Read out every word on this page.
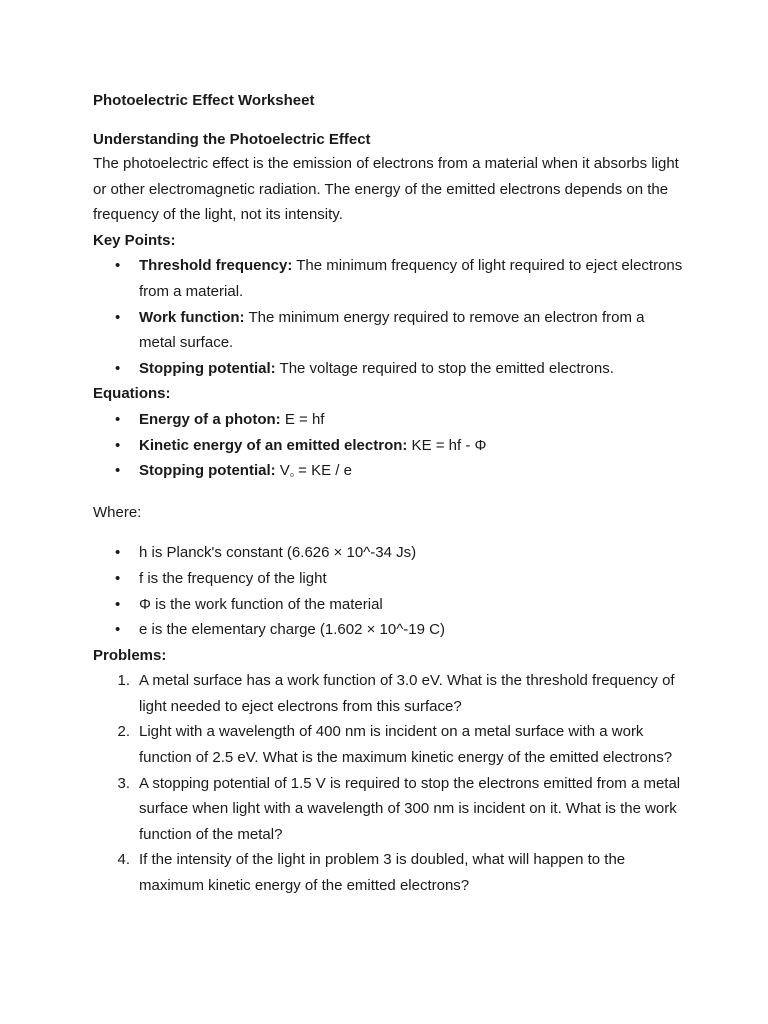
Photoelectric Effect Worksheet

Understanding the Photoelectric Effect

The photoelectric effect is the emission of electrons from a material when it absorbs light or other electromagnetic radiation. The energy of the emitted electrons depends on the frequency of the light, not its intensity.

Key Points:

• Threshold frequency: The minimum frequency of light required to eject electrons from a material.
• Work function: The minimum energy required to remove an electron from a metal surface.
• Stopping potential: The voltage required to stop the emitted electrons.

Equations:

• Energy of a photon: E = hf
• Kinetic energy of an emitted electron: KE = hf - Φ
• Stopping potential: V₀ = KE / e

Where:

• h is Planck's constant (6.626 × 10^-34 Js)
• f is the frequency of the light
• Φ is the work function of the material
• e is the elementary charge (1.602 × 10^-19 C)

Problems:

1. A metal surface has a work function of 3.0 eV. What is the threshold frequency of light needed to eject electrons from this surface?
2. Light with a wavelength of 400 nm is incident on a metal surface with a work function of 2.5 eV. What is the maximum kinetic energy of the emitted electrons?
3. A stopping potential of 1.5 V is required to stop the electrons emitted from a metal surface when light with a wavelength of 300 nm is incident on it. What is the work function of the metal?
4. If the intensity of the light in problem 3 is doubled, what will happen to the maximum kinetic energy of the emitted electrons?
